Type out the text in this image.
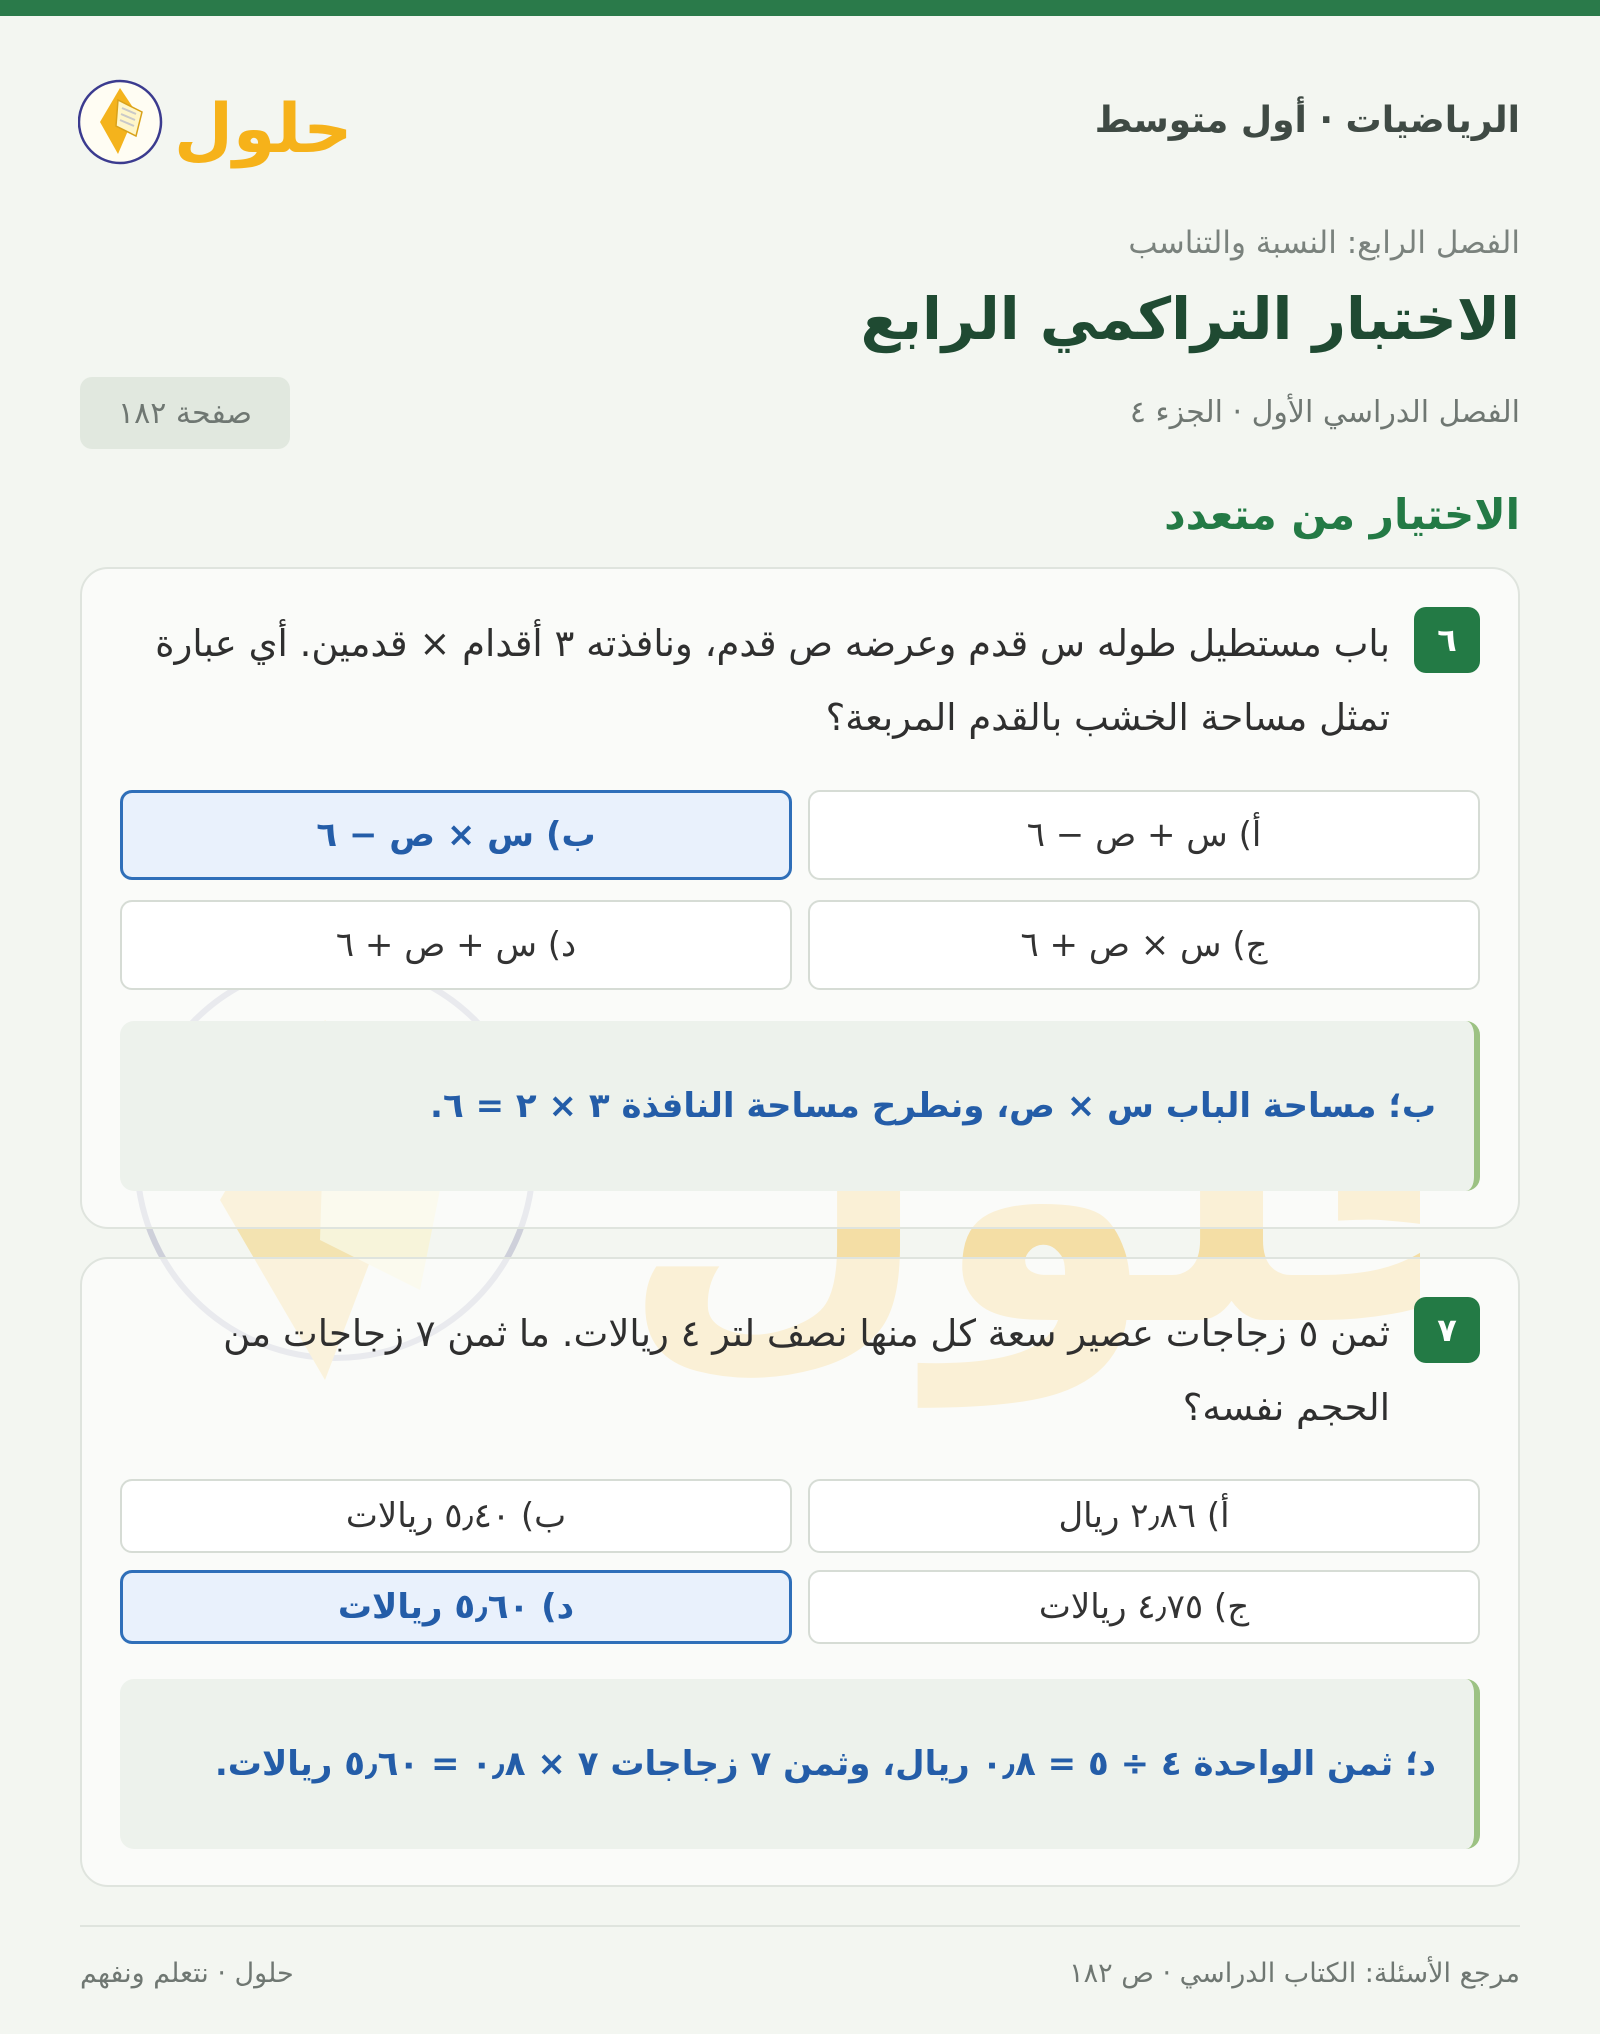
الرياضيات · أول متوسط
حلول
الفصل الرابع: النسبة والتناسب
الاختبار التراكمي الرابع
الفصل الدراسي الأول · الجزء ٤
صفحة ١٨٢
الاختيار من متعدد
٦
باب مستطيل طوله س قدم وعرضه ص قدم، ونافذته ٣ أقدام × قدمين. أي عبارة تمثل مساحة الخشب بالقدم المربعة؟
أ) س + ص − ٦
ب) س × ص − ٦
ج) س × ص + ٦
د) س + ص + ٦
ب؛ مساحة الباب س × ص، ونطرح مساحة النافذة ٣ × ٢ = ٦.
٧
ثمن ٥ زجاجات عصير سعة كل منها نصف لتر ٤ ريالات. ما ثمن ٧ زجاجات من الحجم نفسه؟
أ) ٢٫٨٦ ريال
ب) ٥٫٤٠ ريالات
ج) ٤٫٧٥ ريالات
د) ٥٫٦٠ ريالات
د؛ ثمن الواحدة ٤ ÷ ٥ = ٠٫٨ ريال، وثمن ٧ زجاجات ٧ × ٠٫٨ = ٥٫٦٠ ريالات.
مرجع الأسئلة: الكتاب الدراسي · ص ١٨٢
حلول · نتعلم ونفهم
